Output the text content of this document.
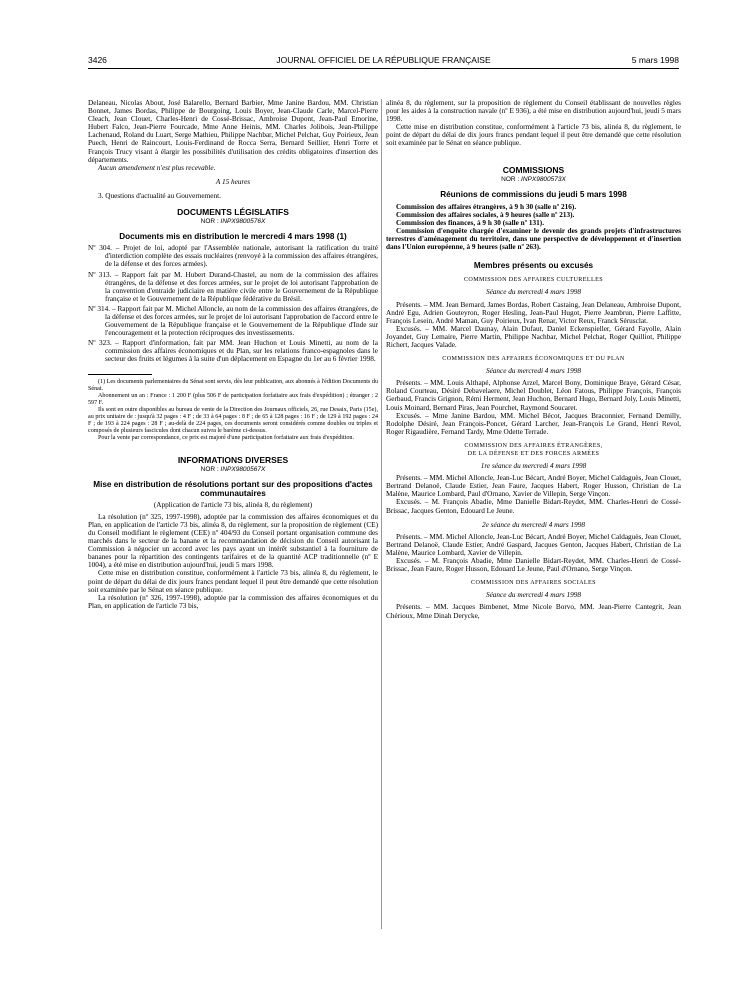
3426	JOURNAL OFFICIEL DE LA RÉPUBLIQUE FRANÇAISE	5 mars 1998

Delaneau, Nicolas About, José Balarello, Bernard Barbier, Mme Janine Bardou, MM. Christian Bonnet, James Bordas, Philippe de Bourgoing, Louis Boyer, Jean-Claude Carle, Marcel-Pierre Cleach, Jean Clouet, Charles-Henri de Cossé-Brissac, Ambroise Dupont, Jean-Paul Emorine, Hubert Falco, Jean-Pierre Fourcade, Mme Anne Heinis, MM. Charles Jolibois, Jean-Philippe Lachenaud, Roland du Luart, Serge Mathieu, Philippe Nachbar, Michel Pelchat, Guy Poirieux, Jean Puech, Henri de Raincourt, Louis-Ferdinand de Rocca Serra, Bernard Seillier, Henri Torre et François Trucy visant à élargir les possibilités d'utilisation des crédits obligatoires d'insertion des départements.

Aucun amendement n'est plus recevable.

A 15 heures

3. Questions d'actualité au Gouvernement.

DOCUMENTS LÉGISLATIFS
NOR : INPX9800576X
Documents mis en distribution le mercredi 4 mars 1998 (1)

Nº 304. – Projet de loi, adopté par l'Assemblée nationale, autorisant la ratification du traité d'interdiction complète des essais nucléaires (renvoyé à la commission des affaires étrangères, de la défense et des forces armées).

Nº 313. – Rapport fait par M. Hubert Durand-Chastel, au nom de la commission des affaires étrangères, de la défense et des forces armées, sur le projet de loi autorisant l'approbation de la convention d'entraide judiciaire en matière civile entre le Gouvernement de la République française et le Gouvernement de la République fédérative du Brésil.

Nº 314. – Rapport fait par M. Michel Alloncle, au nom de la commission des affaires étrangères, de la défense et des forces armées, sur le projet de loi autorisant l'approbation de l'accord entre le Gouvernement de la République française et le Gouvernement de la République d'Inde sur l'encouragement et la protection réciproques des investissements.

Nº 323. – Rapport d'information, fait par MM. Jean Huchon et Louis Minetti, au nom de la commission des affaires économiques et du Plan, sur les relations franco-espagnoles dans le secteur des fruits et légumes à la suite d'un déplacement en Espagne du 1er au 6 février 1998.

(1) Les documents parlementaires du Sénat sont servis, dès leur publication, aux abonnés à l'édition Documents du Sénat.

Abonnement un an : France : 1 200 F (plus 506 F de participation forfaitaire aux frais d'expédition) ; étranger : 2 597 F.

Ils sont en outre disponibles au bureau de vente de la Direction des Journaux officiels, 26, rue Desaix, Paris (15e), au prix unitaire de : jusqu'à 32 pages : 4 F ; de 33 à 64 pages : 8 F ; de 65 à 128 pages : 16 F ; de 129 à 192 pages : 24 F ; de 193 à 224 pages : 28 F ; au-delà de 224 pages, ces documents seront considérés comme doubles ou triples et composés de plusieurs fascicules dont chacun suivra le barème ci-dessus.

Pour la vente par correspondance, ce prix est majoré d'une participation forfaitaire aux frais d'expédition.

INFORMATIONS DIVERSES
NOR : INPX9800567X
Mise en distribution de résolutions portant sur des propositions d'actes communautaires

(Application de l'article 73 bis, alinéa 8, du règlement)

La résolution (nº 325, 1997-1998), adoptée par la commission des affaires économiques et du Plan, en application de l'article 73 bis, alinéa 8, du règlement, sur la proposition de règlement (CE) du Conseil modifiant le règlement (CEE) nº 404/93 du Conseil portant organisation commune des marchés dans le secteur de la banane et la recommandation de décision du Conseil autorisant la Commission à négocier un accord avec les pays ayant un intérêt substantiel à la fourniture de bananes pour la répartition des contingents tarifaires et de la quantité ACP traditionnelle (nº E 1004), a été mise en distribution aujourd'hui, jeudi 5 mars 1998.

Cette mise en distribution constitue, conformément à l'article 73 bis, alinéa 8, du règlement, le point de départ du délai de dix jours francs pendant lequel il peut être demandé que cette résolution soit examinée par le Sénat en séance publique.

La résolution (nº 326, 1997-1998), adoptée par la commission des affaires économiques et du Plan, en application de l'article 73 bis,

alinéa 8, du règlement, sur la proposition de règlement du Conseil établissant de nouvelles règles pour les aides à la construction navale (nº E 936), a été mise en distribution aujourd'hui, jeudi 5 mars 1998.

Cette mise en distribution constitue, conformément à l'article 73 bis, alinéa 8, du règlement, le point de départ du délai de dix jours francs pendant lequel il peut être demandé que cette résolution soit examinée par le Sénat en séance publique.

COMMISSIONS
NOR : INPX9800573X
Réunions de commissions du jeudi 5 mars 1998

Commission des affaires étrangères, à 9 h 30 (salle nº 216).

Commission des affaires sociales, à 9 heures (salle nº 213).

Commission des finances, à 9 h 30 (salle nº 131).

Commission d'enquête chargée d'examiner le devenir des grands projets d'infrastructures terrestres d'aménagement du territoire, dans une perspective de développement et d'insertion dans l'Union européenne, à 9 heures (salle nº 263).

Membres présents ou excusés
COMMISSION DES AFFAIRES CULTURELLES
Séance du mercredi 4 mars 1998

Présents. – MM. Jean Bernard, James Bordas, Robert Castaing, Jean Delaneau, Ambroise Dupont, André Egu, Adrien Gouteyron, Roger Hesling, Jean-Paul Hugot, Pierre Jeambrun, Pierre Laffitte, François Lesein, André Maman, Guy Poirieux, Ivan Renar, Victor Reux, Franck Sérusclat.

Excusés. – MM. Marcel Daunay, Alain Dufaut, Daniel Eckenspieller, Gérard Fayolle, Alain Joyandet, Guy Lemaire, Pierre Martin, Philippe Nachbar, Michel Pelchat, Roger Quilliot, Philippe Richert, Jacques Valade.

COMMISSION DES AFFAIRES ÉCONOMIQUES ET DU PLAN
Séance du mercredi 4 mars 1998

Présents. – MM. Louis Althapé, Alphonse Arzel, Marcel Bony, Dominique Braye, Gérard César, Roland Courteau, Désiré Debavelaere, Michel Doublet, Léon Fatous, Philippe François, François Gerbaud, Francis Grignon, Rémi Herment, Jean Huchon, Bernard Hugo, Bernard Joly, Louis Minetti, Louis Moinard, Bernard Piras, Jean Pourchet, Raymond Soucaret.

Excusés. – Mme Janine Bardou, MM. Michel Bécot, Jacques Braconnier, Fernand Demilly, Rodolphe Désiré, Jean François-Poncet, Gérard Larcher, Jean-François Le Grand, Henri Revol, Roger Rigaudière, Fernand Tardy, Mme Odette Terrade.

COMMISSION DES AFFAIRES ÉTRANGÈRES,
DE LA DÉFENSE ET DES FORCES ARMÉES
1re séance du mercredi 4 mars 1998

Présents. – MM. Michel Alloncle, Jean-Luc Bécart, André Boyer, Michel Caldaguès, Jean Clouet, Bertrand Delanoë, Claude Estier, Jean Faure, Jacques Habert, Roger Husson, Christian de La Malène, Maurice Lombard, Paul d'Ornano, Xavier de Villepin, Serge Vinçon.

Excusés. – M. François Abadie, Mme Danielle Bidart-Reydet, MM. Charles-Henri de Cossé-Brissac, Jacques Genton, Edouard Le Jeune.

2e séance du mercredi 4 mars 1998

Présents. – MM. Michel Alloncle, Jean-Luc Bécart, André Boyer, Michel Caldaguès, Jean Clouet, Bertrand Delanoë, Claude Estier, André Gaspard, Jacques Genton, Jacques Habert, Christian de La Malène, Maurice Lombard, Xavier de Villepin.

Excusés. – M. François Abadie, Mme Danielle Bidart-Reydet, MM. Charles-Henri de Cossé-Brissac, Jean Faure, Roger Husson, Edouard Le Jeune, Paul d'Ornano, Serge Vinçon.

COMMISSION DES AFFAIRES SOCIALES
Séance du mercredi 4 mars 1998

Présents. – MM. Jacques Bimbenet, Mme Nicole Borvo, MM. Jean-Pierre Cantegrit, Jean Chérioux, Mme Dinah Derycke,
